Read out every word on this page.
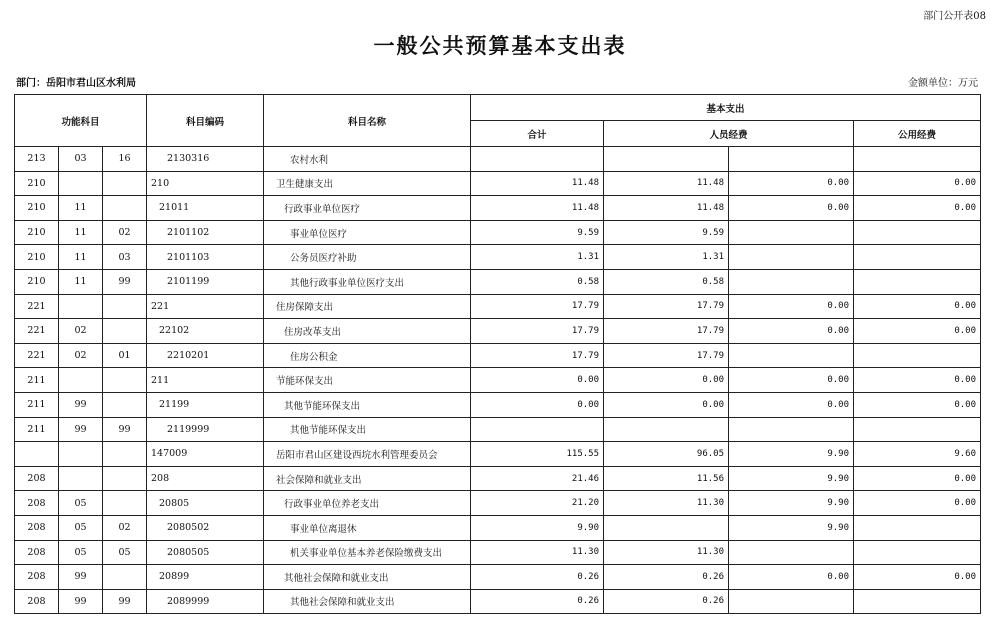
部门公开表08
一般公共预算基本支出表
部门：岳阳市君山区水利局	金额单位：万元
功能科目			科目编码	科目名称	基本支出			
					合计	人员经费		公用经费
213	03	16	2130316	农村水利				
210			210	卫生健康支出	11.48	11.48	0.00	0.00
210	11		21011	行政事业单位医疗	11.48	11.48	0.00	0.00
210	11	02	2101102	事业单位医疗	9.59	9.59		
210	11	03	2101103	公务员医疗补助	1.31	1.31		
210	11	99	2101199	其他行政事业单位医疗支出	0.58	0.58		
221			221	住房保障支出	17.79	17.79	0.00	0.00
221	02		22102	住房改革支出	17.79	17.79	0.00	0.00
221	02	01	2210201	住房公积金	17.79	17.79		
211			211	节能环保支出	0.00	0.00	0.00	0.00
211	99		21199	其他节能环保支出	0.00	0.00	0.00	0.00
211	99	99	2119999	其他节能环保支出				
			147009	岳阳市君山区建设西垸水利管理委员会	115.55	96.05	9.90	9.60
208			208	社会保障和就业支出	21.46	11.56	9.90	0.00
208	05		20805	行政事业单位养老支出	21.20	11.30	9.90	0.00
208	05	02	2080502	事业单位离退休	9.90		9.90	
208	05	05	2080505	机关事业单位基本养老保险缴费支出	11.30	11.30		
208	99		20899	其他社会保障和就业支出	0.26	0.26	0.00	0.00
208	99	99	2089999	其他社会保障和就业支出	0.26	0.26		
